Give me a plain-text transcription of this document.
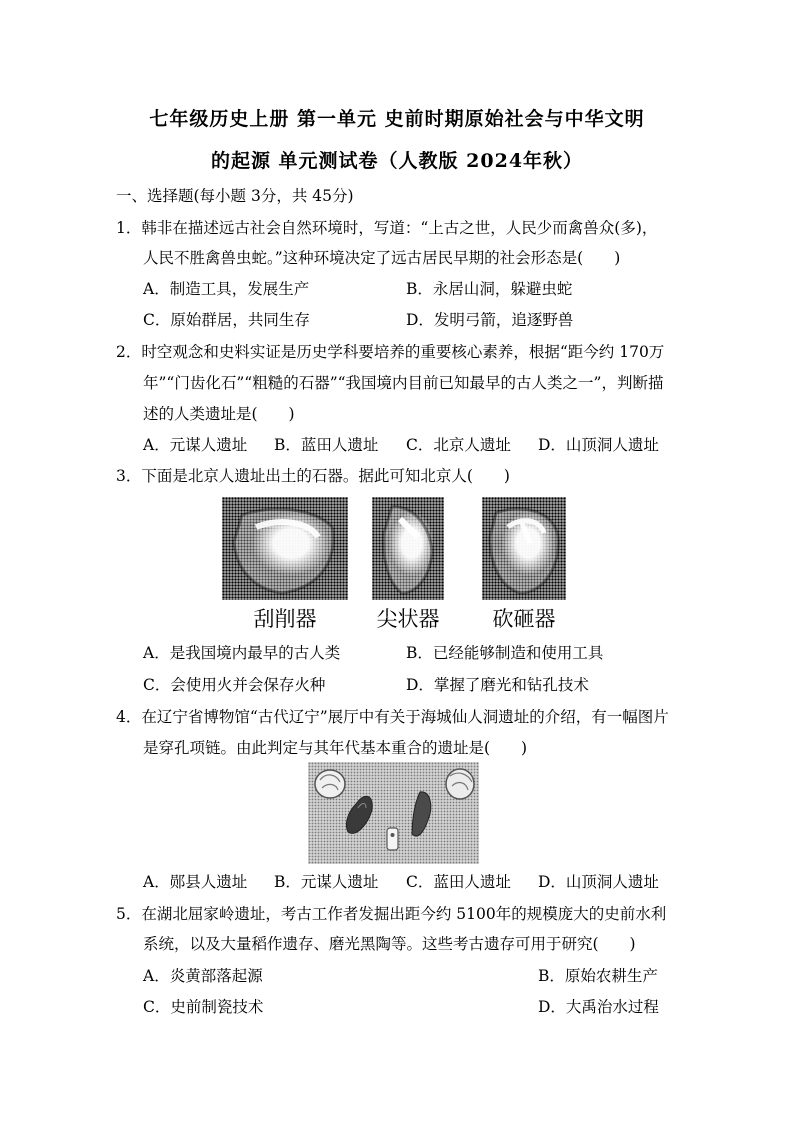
七年级历史上册 第一单元 史前时期原始社会与中华文明
的起源 单元测试卷（人教版 2024年秋）
一、选择题(每小题 3分，共 45分)
1．韩非在描述远古社会自然环境时，写道：“上古之世，人民少而禽兽众(多)，
人民不胜禽兽虫蛇。”这种环境决定了远古居民早期的社会形态是(　　)
A．制造工具，发展生产	B．永居山洞，躲避虫蛇
C．原始群居，共同生存	D．发明弓箭，追逐野兽
2．时空观念和史料实证是历史学科要培养的重要核心素养，根据“距今约 170万
年”“门齿化石”“粗糙的石器”“我国境内目前已知最早的古人类之一”，判断描
述的人类遗址是(　　)
A．元谋人遗址 B．蓝田人遗址 C．北京人遗址 D．山顶洞人遗址
3．下面是北京人遗址出土的石器。据此可知北京人(　　)
刮削器	尖状器	砍砸器
A．是我国境内最早的古人类	B．已经能够制造和使用工具
C．会使用火并会保存火种	D．掌握了磨光和钻孔技术
4．在辽宁省博物馆“古代辽宁”展厅中有关于海城仙人洞遗址的介绍，有一幅图片
是穿孔项链。由此判定与其年代基本重合的遗址是(　　)
A．郧县人遗址 B．元谋人遗址 C．蓝田人遗址 D．山顶洞人遗址
5．在湖北屈家岭遗址，考古工作者发掘出距今约 5100年的规模庞大的史前水利
系统，以及大量稻作遗存、磨光黑陶等。这些考古遗存可用于研究(　　)
A．炎黄部落起源	B．原始农耕生产
C．史前制瓷技术	D．大禹治水过程
